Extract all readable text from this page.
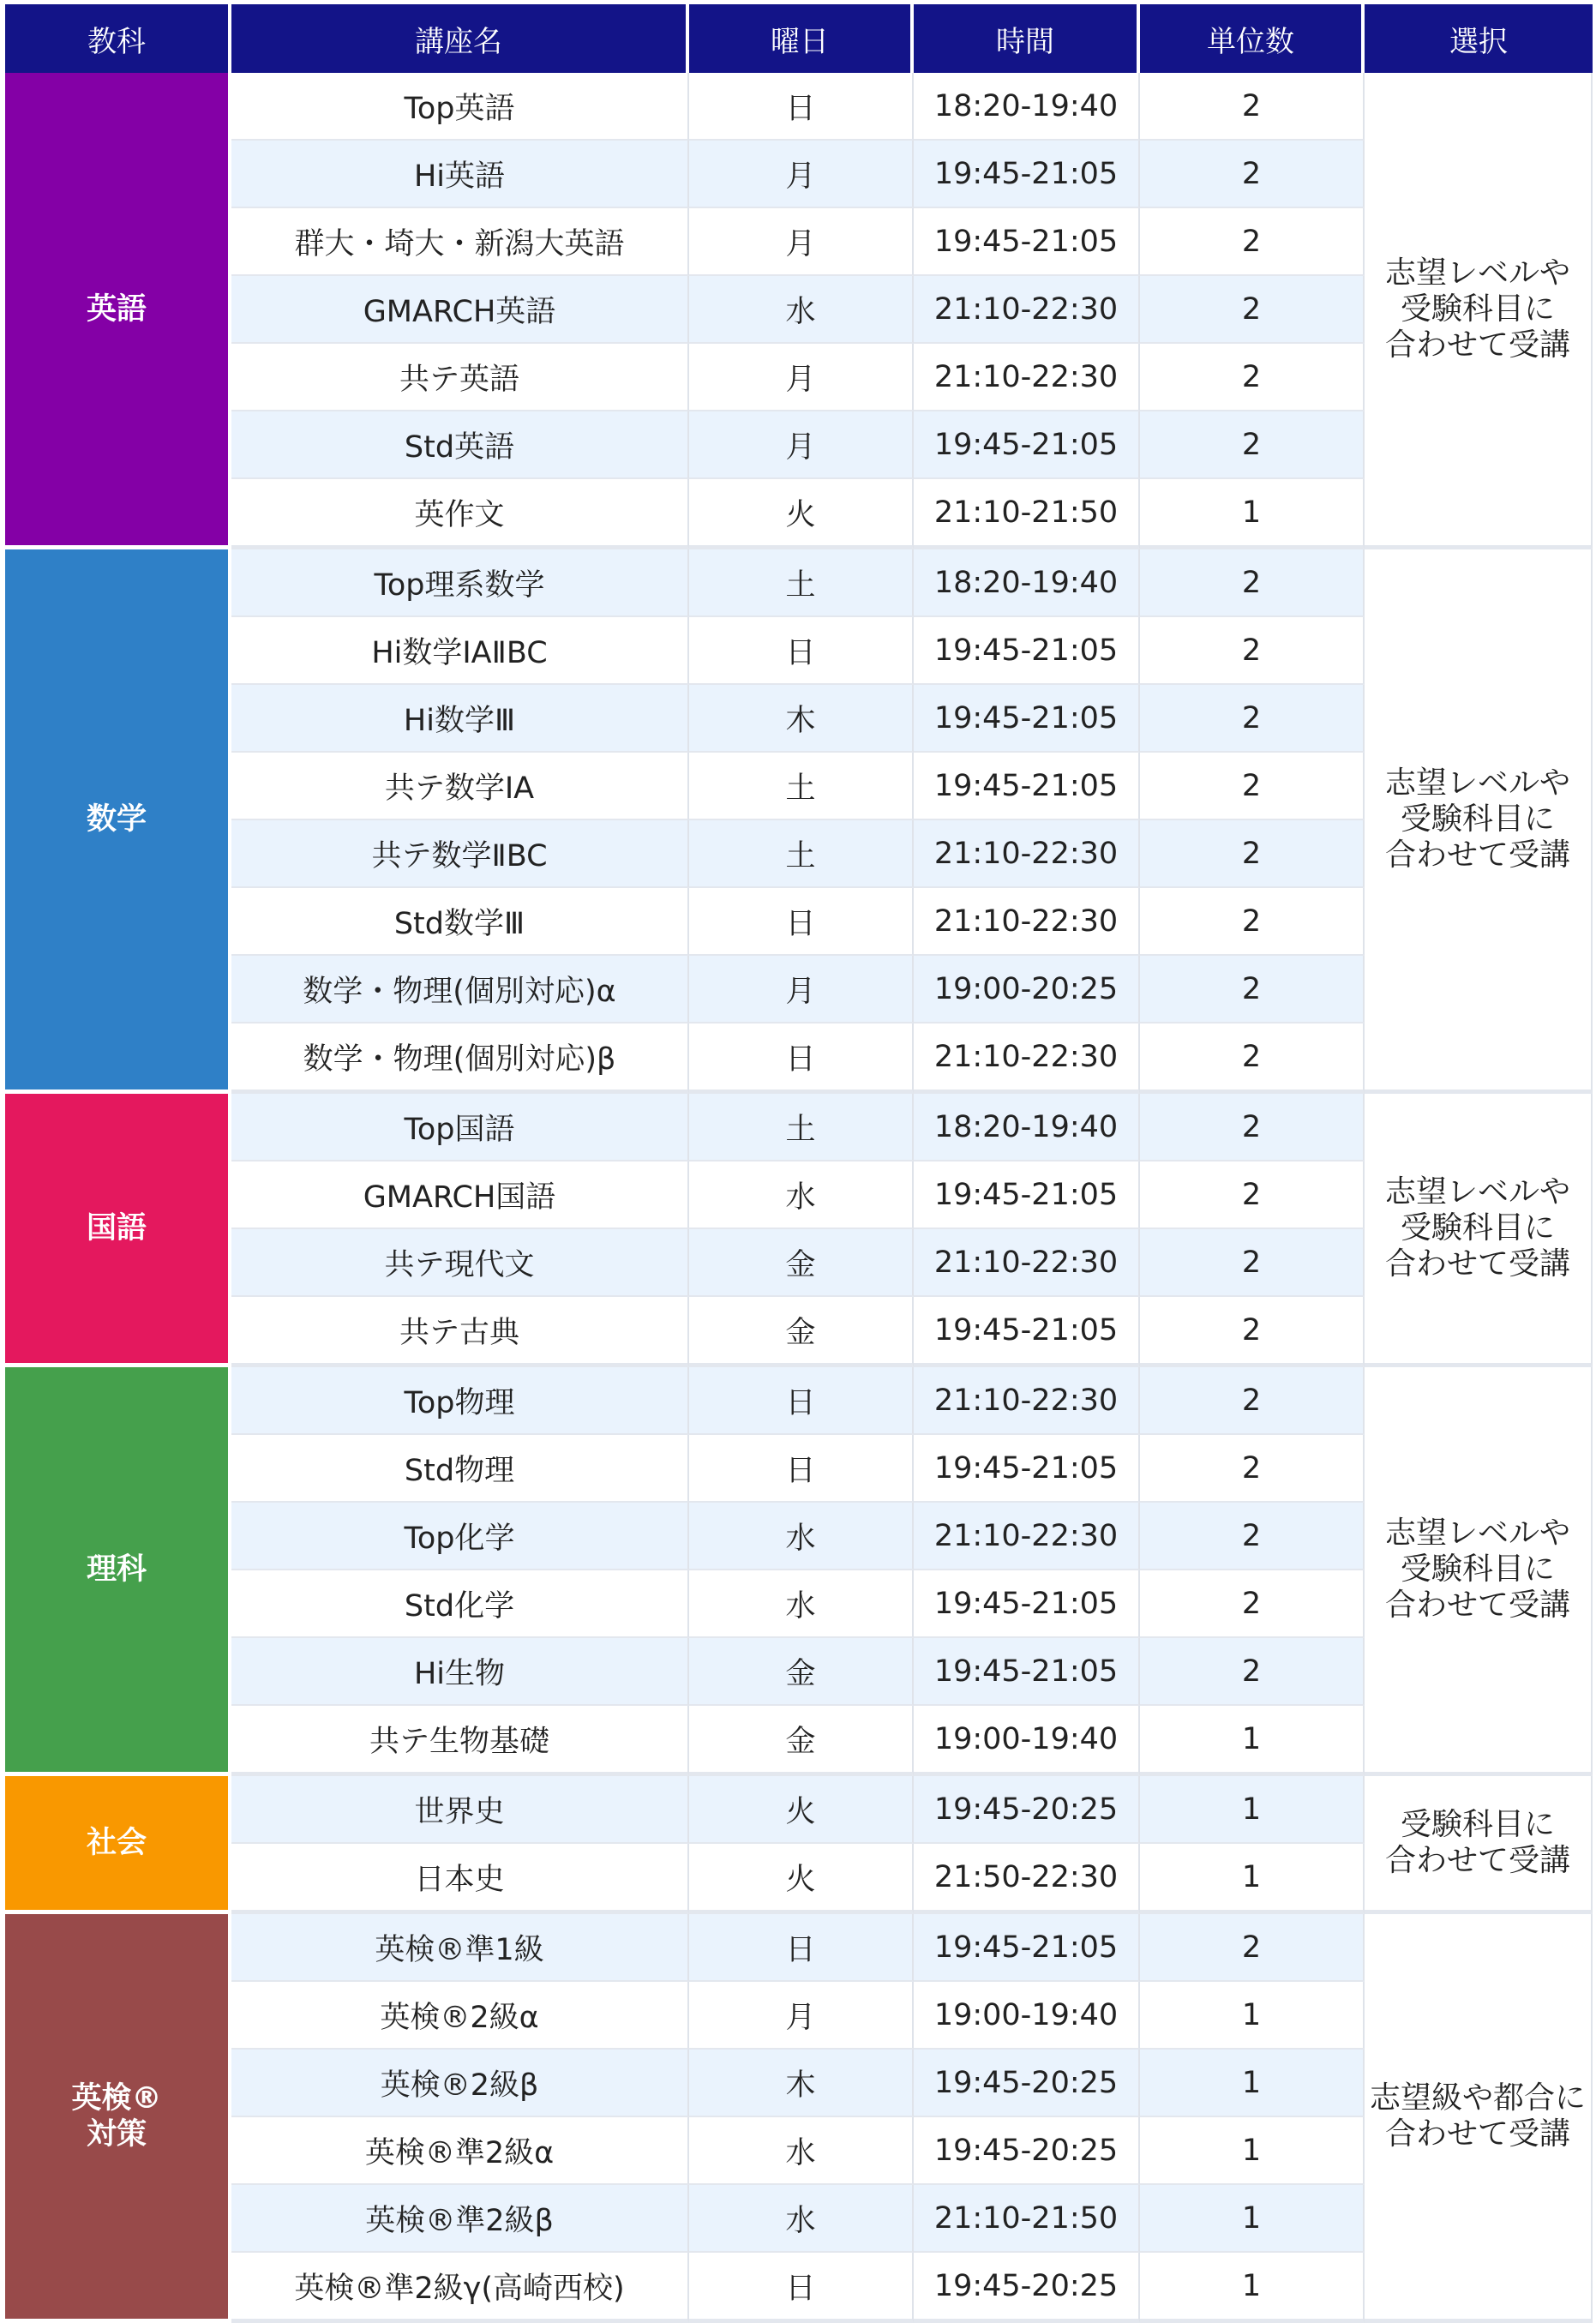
教科	講座名	曜日	時間	単位数	選択

英語	Top英語	日	18:20-19:40	2	志望レベルや
受験科目に
合わせて受講

	Hi英語	月	19:45-21:05	2	
	群大・埼大・新潟大英語	月	19:45-21:05	2	
	GMARCH英語	水	21:10-22:30	2	
	共テ英語	月	21:10-22:30	2	
	Std英語	月	19:45-21:05	2	
	英作文	火	21:10-21:50	1	

数学	Top理系数学	土	18:20-19:40	2	志望レベルや
受験科目に
合わせて受講

	Hi数学ⅠAⅡBC	日	19:45-21:05	2	
	Hi数学Ⅲ	木	19:45-21:05	2	
	共テ数学ⅠA	土	19:45-21:05	2	
	共テ数学ⅡBC	土	21:10-22:30	2	
	Std数学Ⅲ	日	21:10-22:30	2	
	数学・物理(個別対応)α	月	19:00-20:25	2	
	数学・物理(個別対応)β	日	21:10-22:30	2	

国語	Top国語	土	18:20-19:40	2	志望レベルや
受験科目に
合わせて受講

	GMARCH国語	水	19:45-21:05	2	
	共テ現代文	金	21:10-22:30	2	
	共テ古典	金	19:45-21:05	2	

理科	Top物理	日	21:10-22:30	2	志望レベルや
受験科目に
合わせて受講

	Std物理	日	19:45-21:05	2	
	Top化学	水	21:10-22:30	2	
	Std化学	水	19:45-21:05	2	
	Hi生物	金	19:45-21:05	2	
	共テ生物基礎	金	19:00-19:40	1	

社会	世界史	火	19:45-20:25	1	受験科目に
合わせて受講

	日本史	火	21:50-22:30	1	

英検®
対策	英検®準1級	日	19:45-21:05	2	志望級や都合に
合わせて受講

	英検®2級α	月	19:00-19:40	1	
	英検®2級β	木	19:45-20:25	1	
	英検®準2級α	水	19:45-20:25	1	
	英検®準2級β	水	21:10-21:50	1	
	英検®準2級γ(高崎西校)	日	19:45-20:25	1	
